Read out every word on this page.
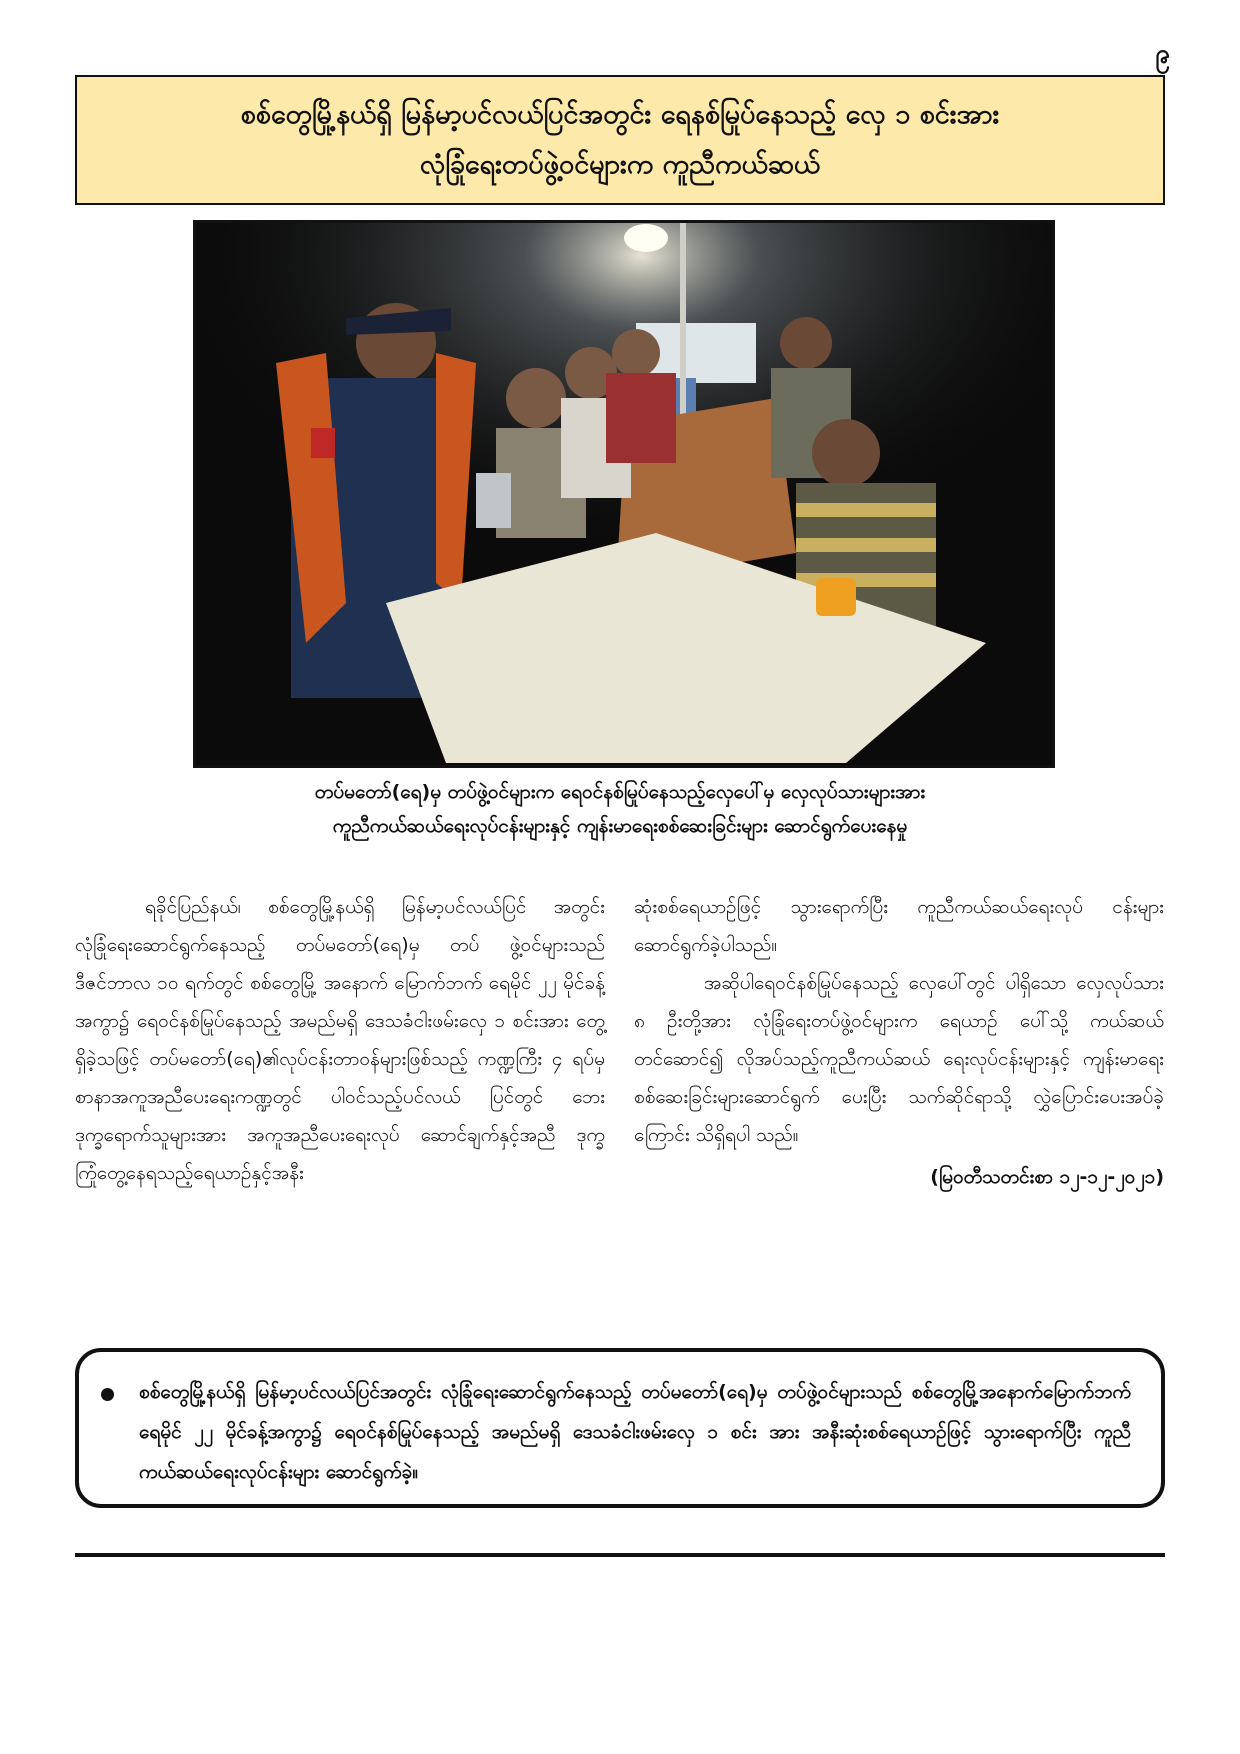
၉
စစ်တွေမြို့နယ်ရှိ မြန်မာ့ပင်လယ်ပြင်အတွင်း ရေနစ်မြုပ်နေသည့် လှေ ၁ စင်းအား
လုံခြုံရေးတပ်ဖွဲ့ဝင်များက ကူညီကယ်ဆယ်
တပ်မတော်(ရေ)မှ တပ်ဖွဲ့ဝင်များက ရေဝင်နစ်မြုပ်နေသည့်လှေပေါ်မှ လှေလုပ်သားများအား
ကူညီကယ်ဆယ်ရေးလုပ်ငန်းများနှင့် ကျန်းမာရေးစစ်ဆေးခြင်းများ ဆောင်ရွက်ပေးနေမှု

ရခိုင်ပြည်နယ်၊ စစ်တွေမြို့နယ်ရှိ မြန်မာ့ပင်လယ်ပြင် အတွင်း လုံခြုံရေးဆောင်ရွက်နေသည့် တပ်မတော်(ရေ)မှ တပ် ဖွဲ့ဝင်များသည် ဒီဇင်ဘာလ ၁၀ ရက်တွင် စစ်တွေမြို့ အနောက် မြောက်ဘက် ရေမိုင် ၂၂ မိုင်ခန့်အကွာ၌ ရေဝင်နစ်မြုပ်နေသည့် အမည်မရှိ ဒေသခံငါးဖမ်းလှေ ၁ စင်းအား တွေ့ရှိခဲ့သဖြင့် တပ်မတော်(ရေ)၏လုပ်ငန်းတာဝန်များဖြစ်သည့် ကဏ္ဍကြီး ၄ ရပ်မှ စာနာအကူအညီပေးရေးကဏ္ဍတွင် ပါဝင်သည့်ပင်လယ် ပြင်တွင် ဘေးဒုက္ခရောက်သူများအား အကူအညီပေးရေးလုပ် ဆောင်ချက်နှင့်အညီ ဒုက္ခကြုံတွေ့နေရသည့်ရေယာဉ်နှင့်အနီး

ဆုံးစစ်ရေယာဉ်ဖြင့် သွားရောက်ပြီး ကူညီကယ်ဆယ်ရေးလုပ် ငန်းများ ဆောင်ရွက်ခဲ့ပါသည်။

အဆိုပါရေဝင်နစ်မြုပ်နေသည့် လှေပေါ်တွင် ပါရှိသော လှေလုပ်သား ၈ ဦးတို့အား လုံခြုံရေးတပ်ဖွဲ့ဝင်များက ရေယာဉ် ပေါ်သို့ ကယ်ဆယ်တင်ဆောင်၍ လိုအပ်သည့်ကူညီကယ်ဆယ် ရေးလုပ်ငန်းများနှင့် ကျန်းမာရေးစစ်ဆေးခြင်းများဆောင်ရွက် ပေးပြီး သက်ဆိုင်ရာသို့ လွှဲပြောင်းပေးအပ်ခဲ့ကြောင်း သိရှိရပါ သည်။

(မြဝတီသတင်းစာ ၁၂-၁၂-၂၀၂၁)

စစ်တွေမြို့နယ်ရှိ မြန်မာ့ပင်လယ်ပြင်အတွင်း လုံခြုံရေးဆောင်ရွက်နေသည့် တပ်မတော်(ရေ)မှ တပ်ဖွဲ့ဝင်များသည် စစ်တွေမြို့အနောက်မြောက်ဘက် ရေမိုင် ၂၂ မိုင်ခန့်အကွာ၌ ရေဝင်နစ်မြုပ်နေသည့် အမည်မရှိ ဒေသခံငါးဖမ်းလှေ ၁ စင်း အား အနီးဆုံးစစ်ရေယာဉ်ဖြင့် သွားရောက်ပြီး ကူညီကယ်ဆယ်ရေးလုပ်ငန်းများ ဆောင်ရွက်ခဲ့။
